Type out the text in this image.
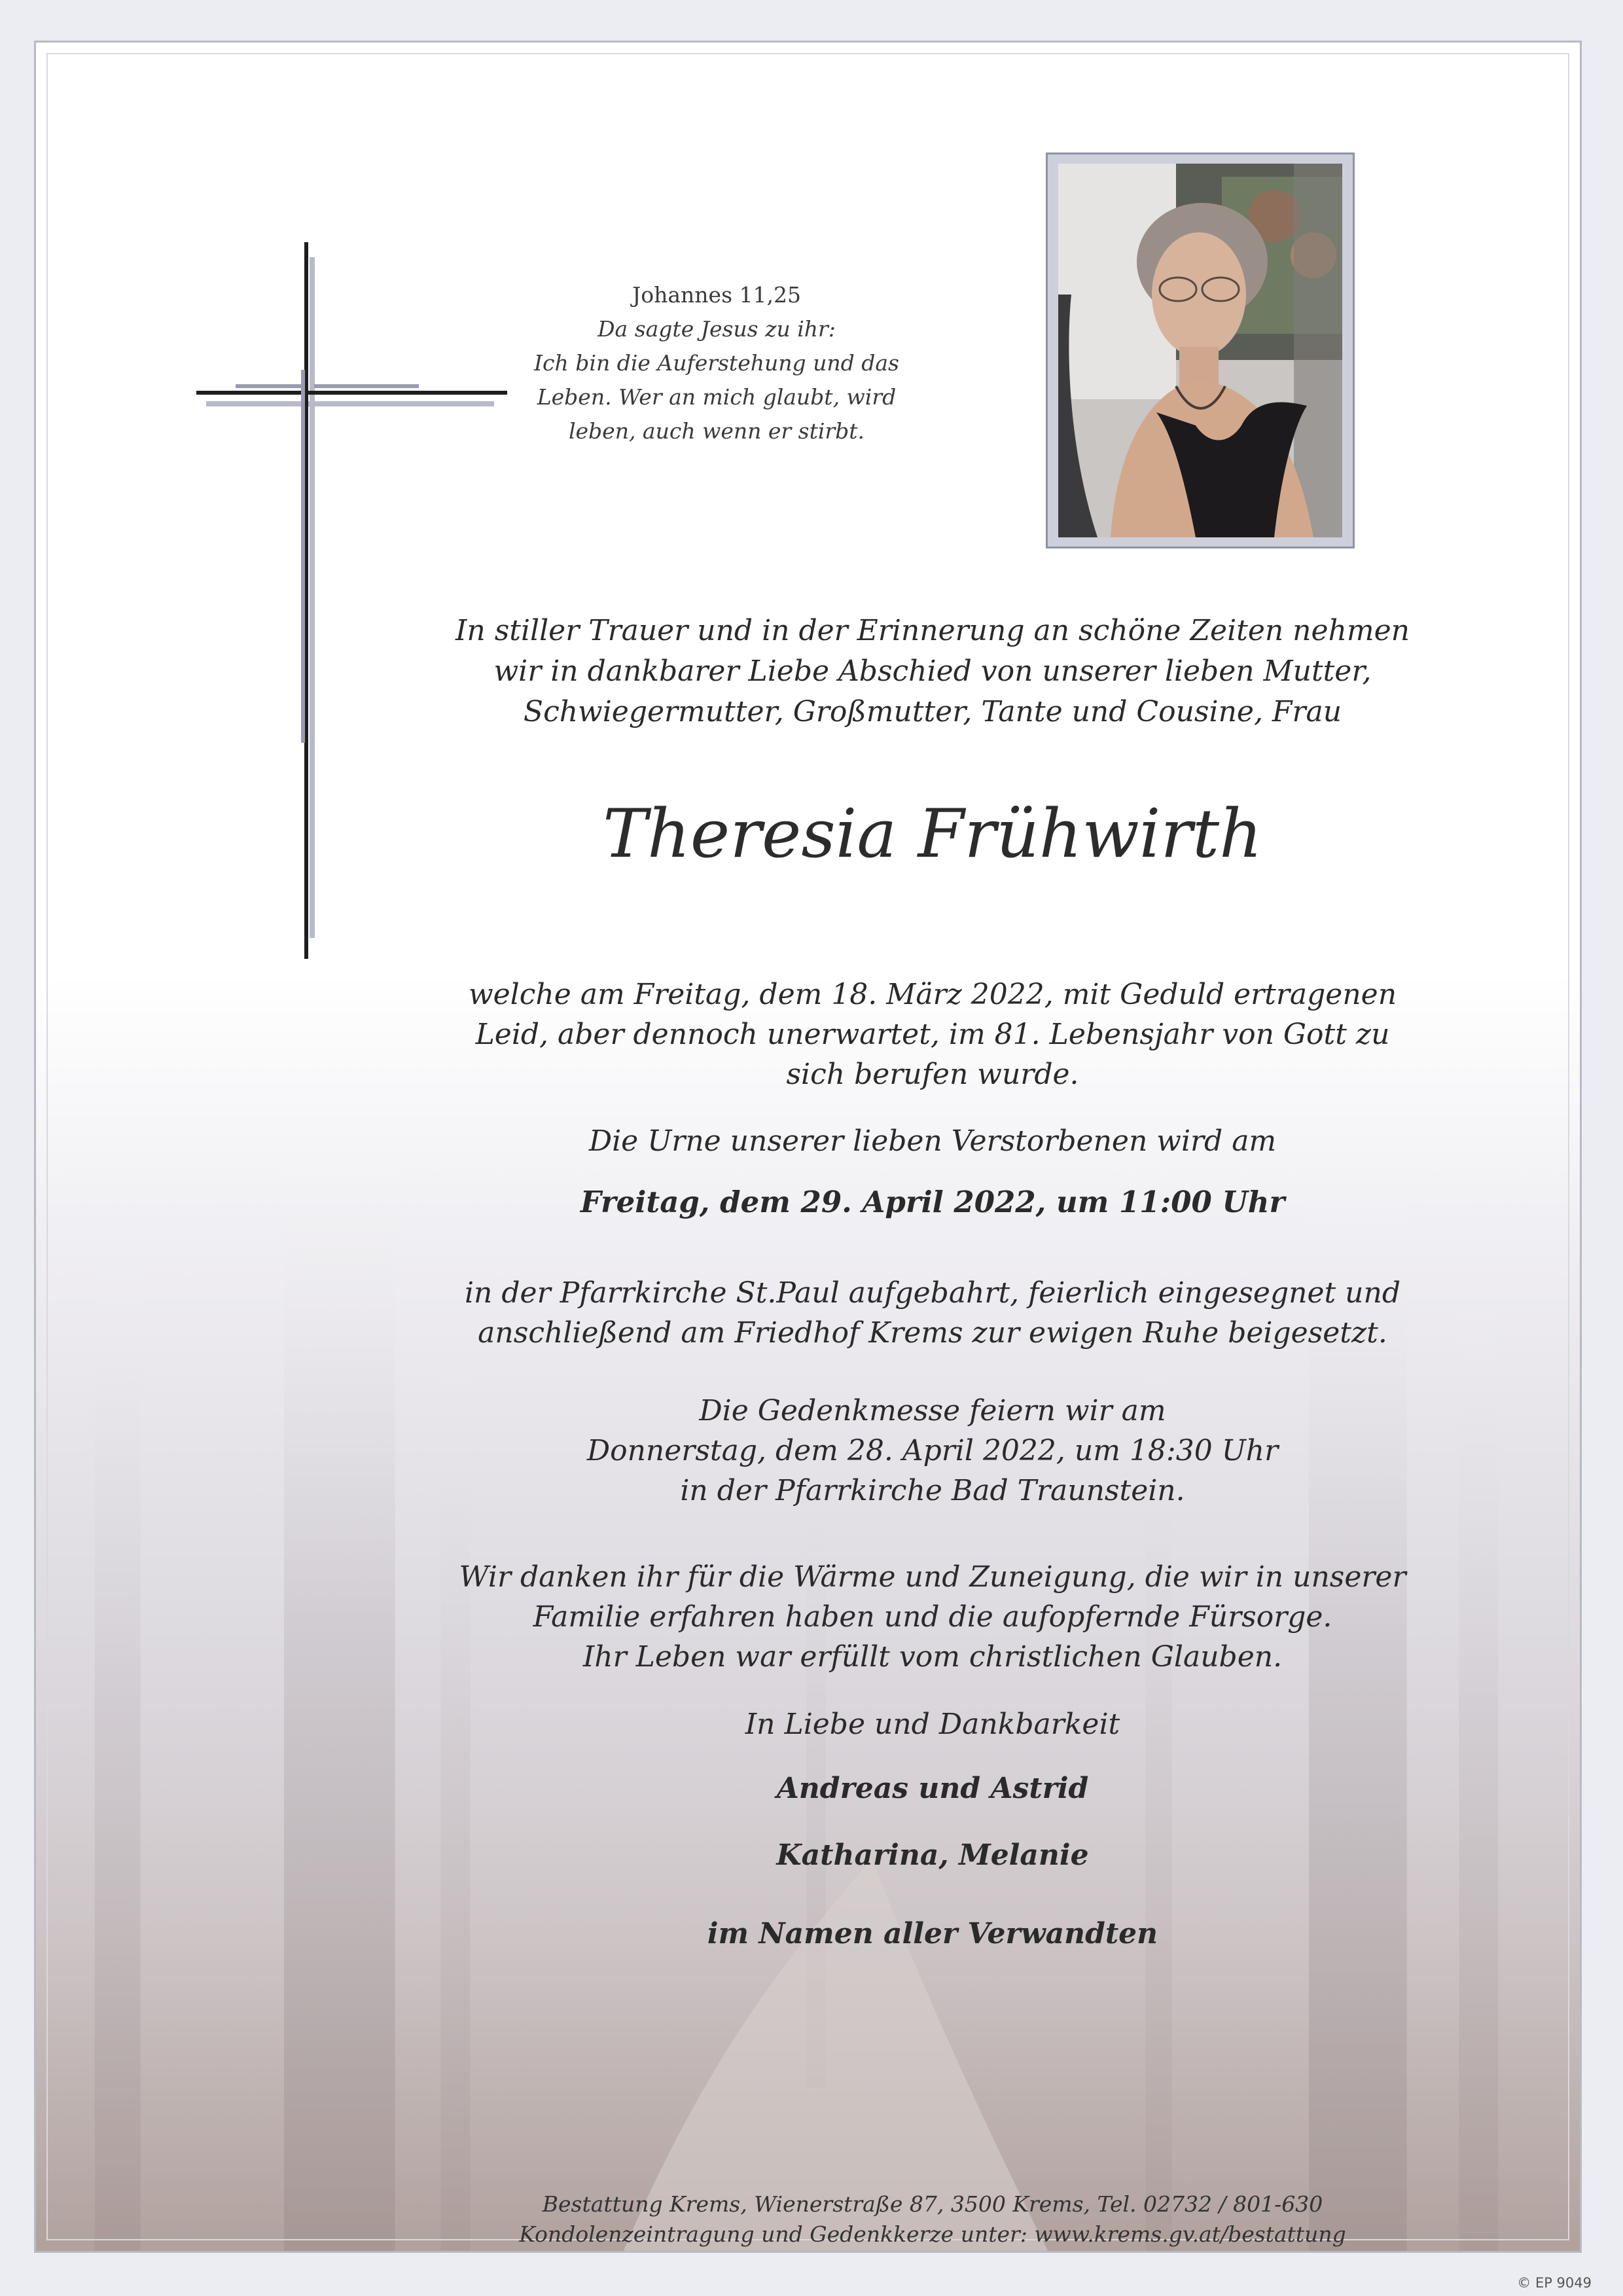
Johannes 11,25
Da sagte Jesus zu ihr:
Ich bin die Auferstehung und das
Leben. Wer an mich glaubt, wird
leben, auch wenn er stirbt.
In stiller Trauer und in der Erinnerung an schöne Zeiten nehmen
wir in dankbarer Liebe Abschied von unserer lieben Mutter,
Schwiegermutter, Großmutter, Tante und Cousine, Frau
Theresia Frühwirth
welche am Freitag, dem 18. März 2022, mit Geduld ertragenen
Leid, aber dennoch unerwartet, im 81. Lebensjahr von Gott zu
sich berufen wurde.
Die Urne unserer lieben Verstorbenen wird am
Freitag, dem 29. April 2022, um 11:00 Uhr
in der Pfarrkirche St.Paul aufgebahrt, feierlich eingesegnet und
anschließend am Friedhof Krems zur ewigen Ruhe beigesetzt.
Die Gedenkmesse feiern wir am
Donnerstag, dem 28. April 2022, um 18:30 Uhr
in der Pfarrkirche Bad Traunstein.
Wir danken ihr für die Wärme und Zuneigung, die wir in unserer
Familie erfahren haben und die aufopfernde Fürsorge.
Ihr Leben war erfüllt vom christlichen Glauben.
In Liebe und Dankbarkeit
Andreas und Astrid
Katharina, Melanie
im Namen aller Verwandten
Bestattung Krems, Wienerstraße 87, 3500 Krems, Tel. 02732 / 801-630
Kondolenzeintragung und Gedenkkerze unter: www.krems.gv.at/bestattung
© EP 9049
